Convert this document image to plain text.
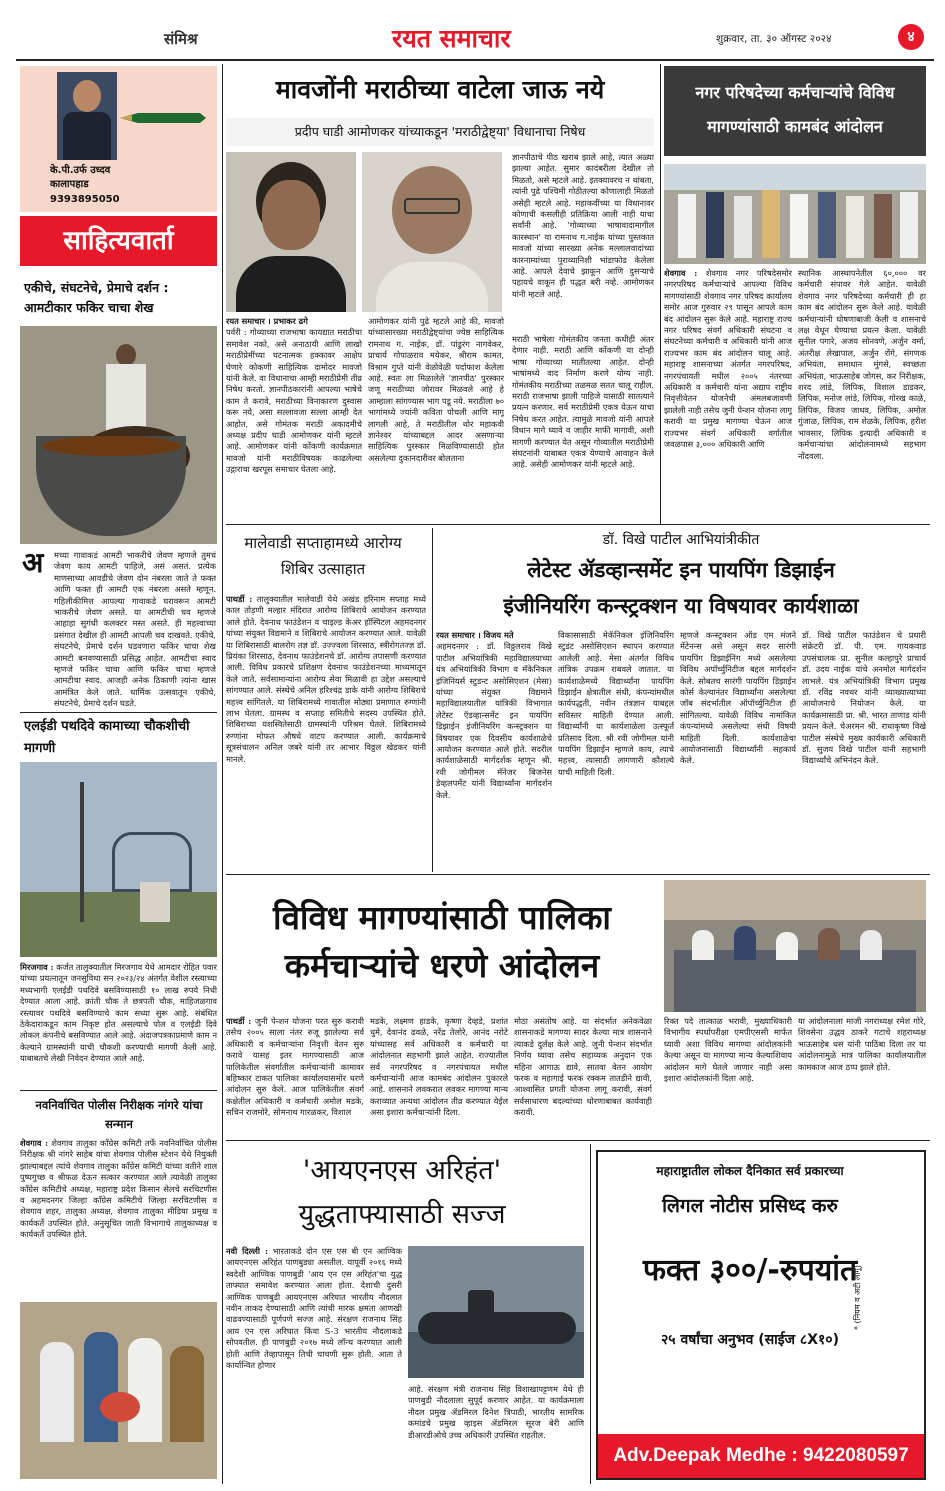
संमिश्र	रयत समाचार	शुक्रवार, ता. ३० ऑगस्ट २०२४	४
के.पी.उर्फ उध्दव कालापहाड
9393895050
साहित्यवार्ता
एकीचे, संघटनेचे, प्रेमाचे दर्शन : आमटीकार फकिर चाचा शेख
अ मच्या गावाकडं आमटी भाकरीचे जेवण म्हणजे तुमचं जेवण काय आमटी पाहिजे, असं असतं. प्रत्येक माणसाच्या आवडीचे जेवण दोन नंबरला जाते ते फक्त आणि फक्त ही आमटी एक नंबरला असते म्हणून. गहिलीकीमित्त आपल्या गावाकडे घरावरून आमटी भाकरीचे जेवण असते. या आमटीची चव म्हणजे आहाहा सुगंधी कलक्टर मस्त असते. ही महत्त्वाच्या प्रसंगात देखील ही आमटी आपली चव दाखवते. एकीचे, संघटनेचे, प्रेमाचे दर्शन घडवणारा फकिर चाचा शेख आमटी बनवण्यासाठी प्रसिद्ध आहेत. आमटीचा स्वाद म्हणजे फकिर चाचा आणि फकिर चाचा म्हणजे आमटीचा स्वाद. आजही अनेक ठिकाणी त्यांना खास आमंत्रित केले जाते. धार्मिक उत्सवातून एकीचे, संघटनेचे, प्रेमाचे दर्शन घडते.
एलईडी पथदिवे कामाच्या चौकशीची मागणी
मिरजगाव : कर्जत तालुक्यातील मिरजगाव येथे आमदार रोहित पवार यांच्या प्रयत्नातून जनसुविधा सन २०२३/२४ अंतर्गत वेशील रस्त्याच्या मध्यभागी एलईडी पथदिवे बसविण्यासाठी १० लाख रुपये निधी देण्यात आला आहे. क्रांती चौक ते छत्रपती चौक, माहिजळगाव रस्त्यावर पथदिवे बसविण्याचे काम सध्या सुरू आहे. संबंधित ठेकेदाराकडून काम निकृष्ट होत असल्याचे पोल व एलईडी दिवे लोकल कंपनीचे बसविण्यात आले आहे. अंदाजपत्रकाप्रमाणे काम न केल्याने ग्रामस्थांनी याची चौकशी करण्याची मागणी केली आहे. याबाबतचे लेखी निवेदन देण्यात आले आहे.
नवनिर्वाचित पोलीस निरीक्षक नांगरे यांचा सन्मान
शेवगाव : शेवगाव तालुका काँग्रेस कमिटी तर्फे नवनिर्वाचित पोलीस निरीक्षक श्री नांगरे साहेब यांचा शेवगाव पोलीस स्टेशन येथे नियुक्ती झाल्याबद्दल त्यांचे शेवगाव तालुका काँग्रेस कमिटी यांच्या वतीने शाल पुष्पगुच्छ व श्रीफळ देऊन सत्कार करण्यात आले त्यावेळी तालुका काँग्रेस कमिटीचे अध्यक्ष, महाराष्ट्र प्रदेश किसान सेलचे सरचिटणीस व अहमदनगर जिल्हा काँग्रेस कमिटीचे जिल्हा सरचिटणीस व शेवगाव शहर, तालुका अध्यक्ष, शेवगाव तालुका मीडिया प्रमुख व कार्यकर्ते उपस्थित होते. अनुसूचित जाती विभागाचे तालुकाध्यक्ष व कार्यकर्ते उपस्थित होते.
मावजोंनी मराठीच्या वाटेला जाऊ नये
प्रदीप घाडी आमोणकर यांच्याकडून 'मराठीद्वेष्ट्या' विधानाचा निषेध
रयत समाचार । प्रभाकर ढगे
पर्वरी : गोव्याच्या राजभाषा कायद्यात मराठीचा समावेश नको, असे अनाठायी आणि लाखो मराठीप्रेमींच्या घटनात्मक हक्कावर आक्षेप घेणारे कोकणी साहित्यिक दामोदर मावजो यांनी केले. वा विधानाचा आम्ही मराठीप्रेमी तीव्र निषेध करतो. ज्ञानपीठकारांनी आपल्या भाषेचे काम ते करावे, मराठीच्या विनाकारण दुस्वास करू नये, असा सल्लावजा सल्ला आम्ही देत आहोत, असे गोमंतक मराठी अकादमीचे अध्यक्ष प्रदीप घाडी आमोणकर यांनी म्हटले आहे. आमोणकर यांनी कोंकणी कार्यक्रमात मावजो यांनी मराठीविषयक काढलेल्या उद्गाराचा खरपूस समाचार घेतला आहे.
आमोणकर यांनी पुढे म्हटले आहे की, मावजो यांच्यासारख्या मराठीद्वेष्ट्यांचा ज्येष्ठ साहित्यिक रामनाथ ग. नाईक, डॉ. पांडुरंग नागवेकर, प्राचार्य गोपाळराव मयेकर, श्रीराम कामत, विश्राम गुप्ते यांनी वेळोवेळी पर्दाफाश केलेला आहे. स्वतः ला मिळालेले 'ज्ञानपीठ' पुरस्कार जणू मराठीच्या जोरावर मिळवले आहे हे आम्हाला सांगण्यास भाग पडू नये. मराठीला ७० भागांमध्ये ज्यांनी कविता पोचली आणि मागू लागली आहे, ते मराठीतील थोर महाकवी ज्ञानेश्वर यांच्याबद्दल आदर असणाऱ्या साहित्यिक पुरस्कार मिळविण्यासाठी होत असलेल्या दुकानदारीवर बोलताना
ज्ञानपीठाचे पीठ खराब झाले आहे, त्यात अळ्या झाल्या आहेत. सुमार कादंबरीला देखील तो मिळतो, असे म्हटले आहे. इतक्यावरच न थांबता, त्यांनी पुढे पश्चिमी गोठीतल्या कोणालाही मिळतो असेही म्हटले आहे. महाकवींच्या या विधानावर कोणाची कसलीही प्रतिक्रिया आली नाही याचा सर्वांनी आहे. 'गोव्याच्या भाषावादामागील कारस्थान' या रामनाथ ग.नाईक यांच्या पुस्तकात मावजो यांच्या सारख्या अनेक मल्लालवादांच्या कारनाम्यांच्या पुराव्यानिशी भांडाफोड केलेला आहे. आपले देवाचे झाकून आणि दुसऱ्याचे पहायचे वाकून ही पद्धत बरी नव्हे. आमोणकर यांनी म्हटले आहे.
मराठी भाषेला गोमंतकीय जनता कधीही अंतर देणार नाही. मराठी आणि कोंकणी या दोन्ही भाषा गोव्याच्या मातीतल्या आहेत. दोन्ही भाषांमध्ये वाद निर्माण करणे योग्य नाही. गोमंतकीय मराठीच्या तळमळ सतत चालू राहील. मराठी राजभाषा झाली पाहिजे यासाठी सातत्याने प्रयत्न करणार. सर्व मराठीप्रेमी एकत्र येऊन याचा निषेध करत आहेत. त्यामुळे मावजो यांनी आपले विधान मागे घ्यावे व जाहीर माफी मागावी, अशी मागणी करण्यात येत असून गोव्यातील मराठीप्रेमी संघटनांनी याबाबत एकत्र येण्याचे आवाहन केले आहे. असेही आमोणकर यांनी म्हटले आहे.
नगर परिषदेच्या कर्मचाऱ्यांचे विविध मागण्यांसाठी कामबंद आंदोलन
शेवगाव : शेवगाव नगर परिषदेसमोर नगरपरिषद कर्मचाऱ्यांचे आपल्या विविध मागण्यांसाठी शेवगाव नगर परिषद कार्यालय समोर आज गुरुवार २९ पासून आपले काम बंद आंदोलन सुरू केले आहे. महाराष्ट्र राज्य नगर परिषद संवर्ग अधिकारी संघटना व संघटनेच्या कर्मचारी व अधिकारी यांनी आज राज्यभर काम बंद आंदोलन चालू आहे. महाराष्ट्र शासनाच्या अंतर्गत नगरपरिषद, नगरपंचायती मधील २००५ नंतरच्या अधिकारी व कर्मचारी यांना अद्याप राष्ट्रीय निवृत्तीवेतन योजनेची अंमलबजावणी झालेली नाही तसेच जुनी पेन्शन योजना लागू करावी या प्रमुख मागण्या घेऊन आज राज्यभर संवर्ग अधिकारी वर्गातील जवळपास ३,००० अधिकारी आणि
स्थानिक आस्थापनेतील ६०,००० वर कर्मचारी संपावर गेले आहेत. यावेळी शेवगाव नगर परिषदेच्या कर्मचारी ही हा काम बंद आंदोलन सुरू केले आहे. यावेळी कर्मचाऱ्यांनी घोषणाबाजी केली व शासनाचे लक्ष वेधून घेण्याचा प्रयत्न केला. यावेळी सुनील पगारे, अजय सोनवणे, अर्जुन वर्मा, अंतरीक्ष लेखापाल, अर्जुन रोंगे, संगणक अभियंता, समाधान मुंगसे, स्वच्छता अभियंता, भाऊसाहेब जोगस, कर निरीक्षक, शरद लांडे, लिपिक, विशाल डाडकर, लिपिक, मनोज लांडे, लिपिक, गोरख काळे, लिपिक, विजय जाधव, लिपिक, अमोल गुंजाळ, लिपिक, राम शेळके, लिपिक, हरीश भावसार, लिपिक इत्यादी अधिकारी व कर्मचाऱ्यांचा आंदोलनामध्ये सहभाग नोंदवला.
मालेवाडी सप्ताहामध्ये आरोग्य शिबिर उत्साहात
पाथर्डी : तालुक्यातील मालेवाडी येथे अखंड हरिनाम सप्ताह मध्ये काल तोड़णी मल्हार मंदिरात आरोग्य शिबिराचे आयोजन करण्यात आले होते. देवनाथ फाउंडेशन व चाइल्ड केअर हॉस्पिटल अहमदनगर यांच्या संयुक्त विद्यमाने व शिबिराचे आयोजन करण्यात आले. यावेळी या शिबिरासाठी बालरोग तज्ञ डॉ. उज्ज्वला शिरसाठ, स्त्रीरोगतज्ज्ञ डॉ. प्रियंका शिरसाठ, देवनाथ फाउंडेशनचे डॉ. आरोग्य तपासणी करण्यात आली. विविध प्रकारचे प्रशिक्षण देवनाथ फाउंडेशनच्या माध्यमातून केले जाते. सर्वसामान्यांना आरोग्य सेवा मिळावी हा उद्देश असल्याचे सांगण्यात आले. संस्थेचे अनिल हरिश्चंद्र डाके यांनी आरोग्य शिबिराचे महत्त्व सांगितले. या शिबिरामध्ये गावातील मोठ्या प्रमाणात रुग्णांनी लाभ घेतला. ग्रामस्थ व सप्ताह समितीचे सदस्य उपस्थित होते. शिबिराच्या यशस्वितेसाठी ग्रामस्थांनी परिश्रम घेतले. शिबिरामध्ये रुग्णांना मोफत औषधे वाटप करण्यात आली. कार्यक्रमाचे सूत्रसंचालन अनिल जबरे यांनी तर आभार विठ्ठल खेडकर यांनी मानले.
डॉ. विखे पाटील आभियांत्रीकीत
लेटेस्ट ॲडव्हान्समेंट इन पायपिंग डिझाईन
इंजीनियरिंग कन्स्ट्रक्शन या विषयावर कार्यशाळा
रयत समाचार । विजय मते
अहमदनगर : डॉ. विठ्ठलराव विखे पाटील अभियांत्रिकी महाविद्यालयाच्या यंत्र अभियांत्रिकी विभाग व मॅकेनिकल इंजिनियर्स स्टुडन्ट असोसिएशन (मेसा) यांच्या संयुक्त विद्यमाने महाविद्यालयातील यांत्रिकी विभागात लेटेस्ट ऍडव्हान्समेंट इन पायपिंग डिझाईन इंजीनियरिंग कन्स्ट्रक्शन या विषयावर एक दिवसीय कार्यशाळेचे आयोजन करण्यात आले होते. सदरील कार्यशाळेसाठी मार्गदर्शक म्हणून श्री. रवी जोगीमल मॅनेजर बिजनेस डेव्हलपमेंट यांनी विद्यार्थ्यांना मार्गदर्शन केले.
विकासासाठी मेकॅनिकल इंजिनियरिंग स्टुडंट असोसिएशन स्थापन करण्यात आलेली आहे. मेसा अंतर्गत विविध तांत्रिक उपक्रम राबवले जातात. या कार्यशाळेमध्ये विद्यार्थ्यांना पायपिंग डिझाईन क्षेत्रातील संधी, कंपन्यांमधील कार्यपद्धती, नवीन तंत्रज्ञान याबद्दल सविस्तर माहिती देण्यात आली. विद्यार्थ्यांनी या कार्यशाळेला उत्स्फूर्त प्रतिसाद दिला. श्री रवी जोगीमल यांनी पायपिंग डिझाईन म्हणजे काय, त्याचे महत्त्व, त्यासाठी लागणारी कौशल्ये याची माहिती दिली.
म्हणजे कन्स्ट्रक्शन ऑड एम मंजने मेंटेनन्स असे असून सदर सारंगी पायपिंग डिझाईनिंग मध्ये असलेल्या विविध अपॉर्च्युनिटीज बद्दल मार्गदर्शन केले. सोबतच सारंगी पायपिंग डिझाईन कोर्स केल्यानंतर विद्यार्थ्यांना असलेल्या जॉब संदर्भातील ऑपॉर्च्युनिटीज ही सांगितल्या. यावेळी विविध नामांकित कंपन्यांमध्ये असलेल्या संधी विषयी माहिती दिली. कार्यशाळेचा आयोजनासाठी विद्यार्थ्यांनी सहकार्य केले.
डॉ. विखे पाटील फाउंडेशन चे प्रधारी संक्रेटरी डॉ. पी. एम. गायकवाड उपसंचालक प्रा. सुनील कल्हापुरे प्राचार्य डॉ. उदय नाईक यांचे अनमोल मार्गदर्शन लाभले. यंत्र अभियांत्रिकी विभाग प्रमुख डॉ. रविंद्र नवथर यांनी व्याख्यात्याच्या आयोजनाचे नियोजन केले. या कार्यक्रमासाठी प्रा. श्री. भारत ताणाड यांनी प्रयत्न केले. चेअरमन श्री. राधाकृष्ण विखे पाटील संस्थेचे मुख्य कार्यकारी अधिकारी डॉ. सुजय विखे पाटील यांनी सहभागी विद्यार्थ्यांचे अभिनंदन केले.
विविध मागण्यांसाठी पालिका
कर्मचाऱ्यांचे धरणे आंदोलन
पाथर्डी : जुनी पेन्शन योजना परत सुरु करावी तसेच २००५ साला नंतर रुजू झालेल्या सर्व अधिकारी व कर्मचाऱ्यांना निवृत्ती वेतन सुरु करावे यासह इतर मागण्यासाठी आज पालिकेतील संवर्गातील कर्मचाऱ्यांनी कामावर बहिष्कार टाकत पालिका कार्यालयासमोर धरणे आंदोलन सुरु केले. आज पालिकेतील संवर्ग कक्षेतील अधिकारी व कर्मचारी अमोल मडके, सचिन राजमोरे, सोमनाथ गारळकर, विशाल
मडके, लक्ष्मण हाडके, कृष्णा देव्हडे, प्रशांत धुमे, देवानंद ढवळे, नरेंद्र तेलोरे, आनंद नरोटे यांच्यासह सर्व अधिकारी व कर्मचारी या आंदोलनात सहभागी झाले आहेत. राज्यातील सर्व नगरपरिषद व नगरपंचायत मधील कर्मचाऱ्यांनी आज कामबंद आंदोलन पुकारले आहे. शासनाने लवकरात लवकर मागण्या मान्य कराव्यात अन्यथा आंदोलन तीव्र करण्यात येईल असा इशारा कर्मचाऱ्यांनी दिला.
मोठा असंतोष आहे. या संदर्भात अनेकवेळा शासनाकडे मागण्या सादर केल्या मात्र शासनाने त्याकडे दुर्लक्ष केले आहे. जुनी पेन्शन संदर्भात निर्णय घ्यावा तसेच सहाय्यक अनुदान एक महिना आगाऊ द्यावे, सातवा वेतन आयोग फरक व महागाई फरक रक्कम तातडीने द्यावी, आश्वासित प्रगती योजना लागू करावी, संवर्ग सर्वसाधारण बदल्यांच्या धोरणाबाबत कार्यवाही करावी.
रिक्त पदे तात्काळ भरावी, मुख्याधिकारी विभागीय स्पर्धापरीक्षा एमपीएससी मार्फत घ्यावी अशा विविध मागण्या आंदोलकांनी केल्या असून या मागण्या मान्य केल्याशिवाय आंदोलन मागे घेतले जाणार नाही असा इशारा आंदोलकांनी दिला आहे.
या आंदोलनाला माजी नगराध्यक्ष रमेश गोरे, शिवसेना उद्धव ठाकरे गटाचे शहराध्यक्ष भाऊसाहेब धस यांनी पाठिंबा दिला तर या आंदोलनामुळे मात्र पालिका कार्यालयातील कामकाज आज ठप्प झाले होते.
'आयएनएस अरिहंत'
युद्धताफ्यासाठी सज्ज
नवी दिल्ली : भारताकडे दोन एस एस बी एन आण्विक आयएनएस अरिहंत पाणबुड्या असतील. यापूर्वी २०१६ मध्ये स्वदेशी आण्विक पाणबुडी 'आय एन एस अरिहंत'चा युद्ध ताफ्यात समावेश करण्यात आला होता. देशाची दुसरी आण्विक पाणबुडी आयएनएस अरिघात भारतीय नौदलात नवीन ताकद देण्यासाठी आणि त्यांची मारक क्षमता आणखी वाढवण्यासाठी पूर्णपणे सज्ज आहे. संरक्षण राजनाथ सिंह आय एन एस अरिघात किंवा S-3 भारतीय नौदलाकडे सोपवतील. ही पाणबुडी २०१७ मध्ये लॉन्च करण्यात आली होती आणि तेव्हापासून तिची चाचणी सुरू होती. आता ते कार्यान्वित होणार
आहे. संरक्षण मंत्री राजनाथ सिंह विशाखापट्टणम येथे ही पाणबुडी नौदलाला सुपूर्द करणार आहेत. या कार्यक्रमाला नौदल प्रमुख ॲडमिरल दिनेश त्रिपाठी, भारतीय सामरिक कमांडचे प्रमुख व्हाइस ॲडमिरल सूरज बेरी आणि डीआरडीओचे उच्च अधिकारी उपस्थित राहतील.
महाराष्ट्रातील लोकल दैनिकात सर्व प्रकारच्या
लिगल नोटीस प्रसिध्द करु
फक्त ३००/-रुपयांत
२५ वर्षांचा अनुभव (साईज ८X१०)
* (नियम व अटी लागू)
Adv.Deepak Medhe : 9422080597
